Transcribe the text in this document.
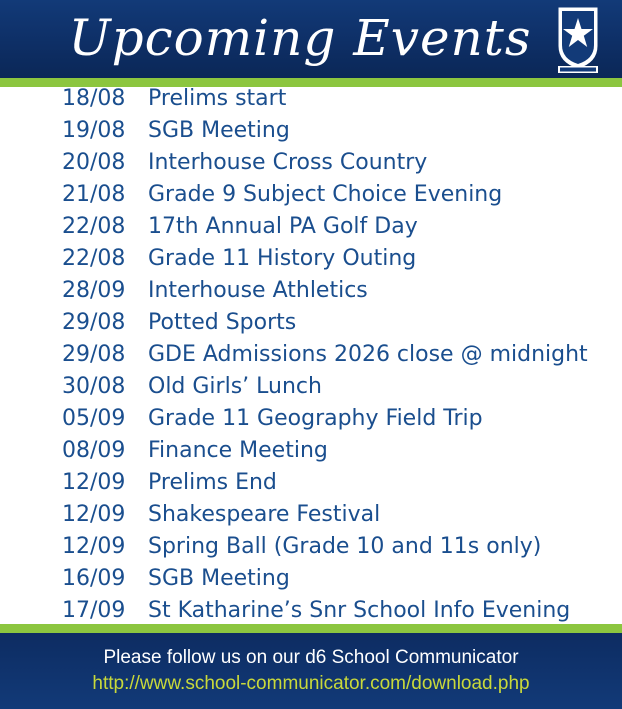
Upcoming Events
18/08	Prelims start
19/08	SGB Meeting
20/08	Interhouse Cross Country
21/08	Grade 9 Subject Choice Evening
22/08	17th Annual PA Golf Day
22/08	Grade 11 History Outing
28/09	Interhouse Athletics
29/08	Potted Sports
29/08	GDE Admissions 2026 close @ midnight
30/08	Old Girls’ Lunch
05/09	Grade 11 Geography Field Trip
08/09	Finance Meeting
12/09	Prelims End
12/09	Shakespeare Festival
12/09	Spring Ball (Grade 10 and 11s only)
16/09	SGB Meeting
17/09	St Katharine’s Snr School Info Evening
Please follow us on our d6 School Communicator
http://www.school-communicator.com/download.php
